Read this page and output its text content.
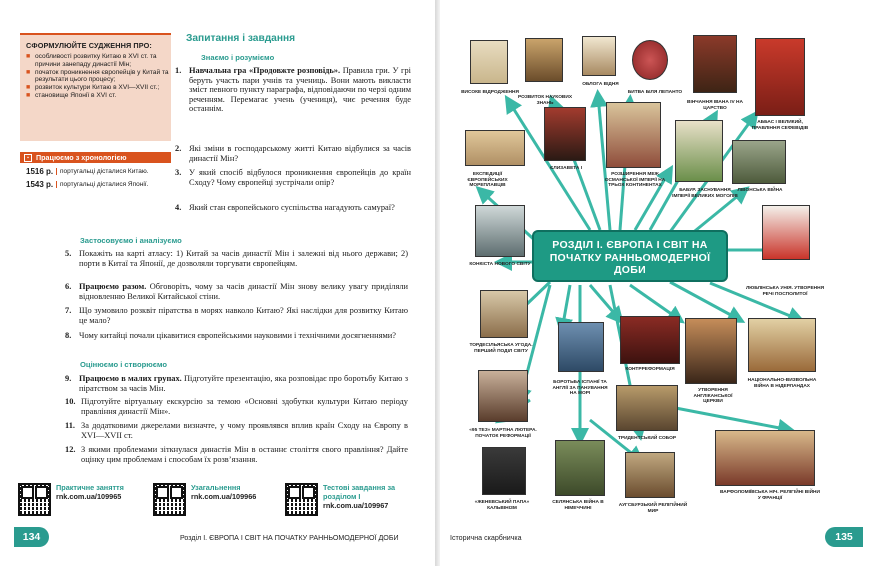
СФОРМУЛЮЙТЕ СУДЖЕННЯ ПРО:
■ особливості розвитку Китаю в XVI ст. та причини занепаду династії Мін;
■ початок проникнення європейців у Китай та результати цього процесу;
■ розвиток культури Китаю в XVI—XVII ст.;
■ становище Японії в XVI ст.
▪ Працюємо з хронологією
1516 р.	португальці дісталися Китаю.
1543 р.	португальці дісталися Японії.
Запитання і завдання
Знаємо і розуміємо
1. Навчальна гра «Продовжте розповідь». Правила гри. У грі беруть участь пари учнів та учениць. Вони мають викласти зміст певного пункту параграфа, відповідаючи по черзі одним реченням. Перемагає учень (учениця), чиє речення буде останнім.

2. Які зміни в господарському житті Китаю відбулися за часів династії Мін?

3. У який спосіб відбулося проникнення європейців до країн Сходу? Чому європейці зустрічали опір?

4. Який стан європейського суспільства нагадують самураї?

Застосовуємо і аналізуємо
5. Покажіть на карті атласу: 1) Китай за часів династії Мін і залежні від нього держави; 2) порти в Китаї та Японії, де дозволяли торгувати європейцям.

6. Працюємо разом. Обговоріть, чому за часів династії Мін знову велику увагу приділяли відновленню Великої Китайської стіни.

7. Що зумовило розквіт піратства в морях навколо Китаю? Які наслідки для розвитку Китаю це мало?

8. Чому китайці почали цікавитися європейськими науковими і технічними досягненнями?

Оцінюємо і створюємо
9. Працюємо в малих групах. Підготуйте презентацію, яка розповідає про боротьбу Китаю з піратством за часів Мін.

10. Підготуйте віртуальну екскурсію за темою «Основні здобутки культури Китаю періоду правління династії Мін».

11. За додатковими джерелами визначте, у чому проявлявся вплив країн Сходу на Європу в XVI—XVII ст.

12. З якими проблемами зіткнулася династія Мін в останнє століття свого правління? Дайте оцінку цим проблемам і способам їх розв’язання.

Практичне заняття
rnk.com.ua/109965
Узагальнення
rnk.com.ua/109966
Тестові завдання за розділом I
rnk.com.ua/109967
134	Розділ І. ЄВРОПА І СВІТ НА ПОЧАТКУ РАННЬОМОДЕРНОЇ ДОБИ
РОЗДІЛ І. ЄВРОПА І СВІТ НА ПОЧАТКУ РАННЬОМОДЕРНОЇ ДОБИ
ВИСОКЕ ВІДРОДЖЕННЯ
РОЗВИТОК НАУКОВИХ ЗНАНЬ
ОБЛОГА ВІДНЯ
БИТВА БІЛЯ ЛЕПАНТО
ВІНЧАННЯ ІВАНА IV НА ЦАРСТВО
АББАС I ВЕЛИКИЙ, ПРАВЛІННЯ СЕФЕВІДІВ
ЕКСПЕДИЦІЇ ЄВРОПЕЙСЬКИХ МОРЕПЛАВЦІВ
ЄЛИЗАВЕТА I
РОЗШИРЕННЯ МЕЖ ОСМАНСЬКОЇ ІМПЕРІЇ НА ТРЬОХ КОНТИНЕНТАХ
БАБУР. ЗАСНУВАННЯ ІМПЕРІЇ ВЕЛИКИХ МОГОЛІВ
ЛІВОНСЬКА ВІЙНА
КОНКІСТА НОВОГО СВІТУ
ЛЮБЛІНСЬКА УНІЯ. УТВОРЕННЯ РЕЧІ ПОСПОЛИТОЇ
ТОРДЕСІЛЬЯСЬКА УГОДА. ПЕРШИЙ ПОДІЛ СВІТУ
БОРОТЬБА ІСПАНІЇ ТА АНГЛІЇ ЗА ПАНУВАННЯ НА МОРІ
КОНТРРЕФОРМАЦІЯ
УТВОРЕННЯ АНГЛІКАНСЬКОЇ ЦЕРКВИ
НАЦІОНАЛЬНО-ВИЗВОЛЬНА ВІЙНА В НІДЕРЛАНДАХ
«95 ТЕЗ» МАРТІНА ЛЮТЕРА. ПОЧАТОК РЕФОРМАЦІЇ	ТРИДЕНТСЬКИЙ СОБОР
«ЖЕНЕВСЬКИЙ ПАПА» КАЛЬВІНІЗМ
СЕЛЯНСЬКА ВІЙНА В НІМЕЧЧИНІ	АУГСБУРЗЬКИЙ РЕЛІГІЙНИЙ МИР
ВАРФОЛОМІЇВСЬКА НІЧ. РЕЛІГІЙНІ ВІЙНИ У ФРАНЦІЇ
Історична скарбничка	135
